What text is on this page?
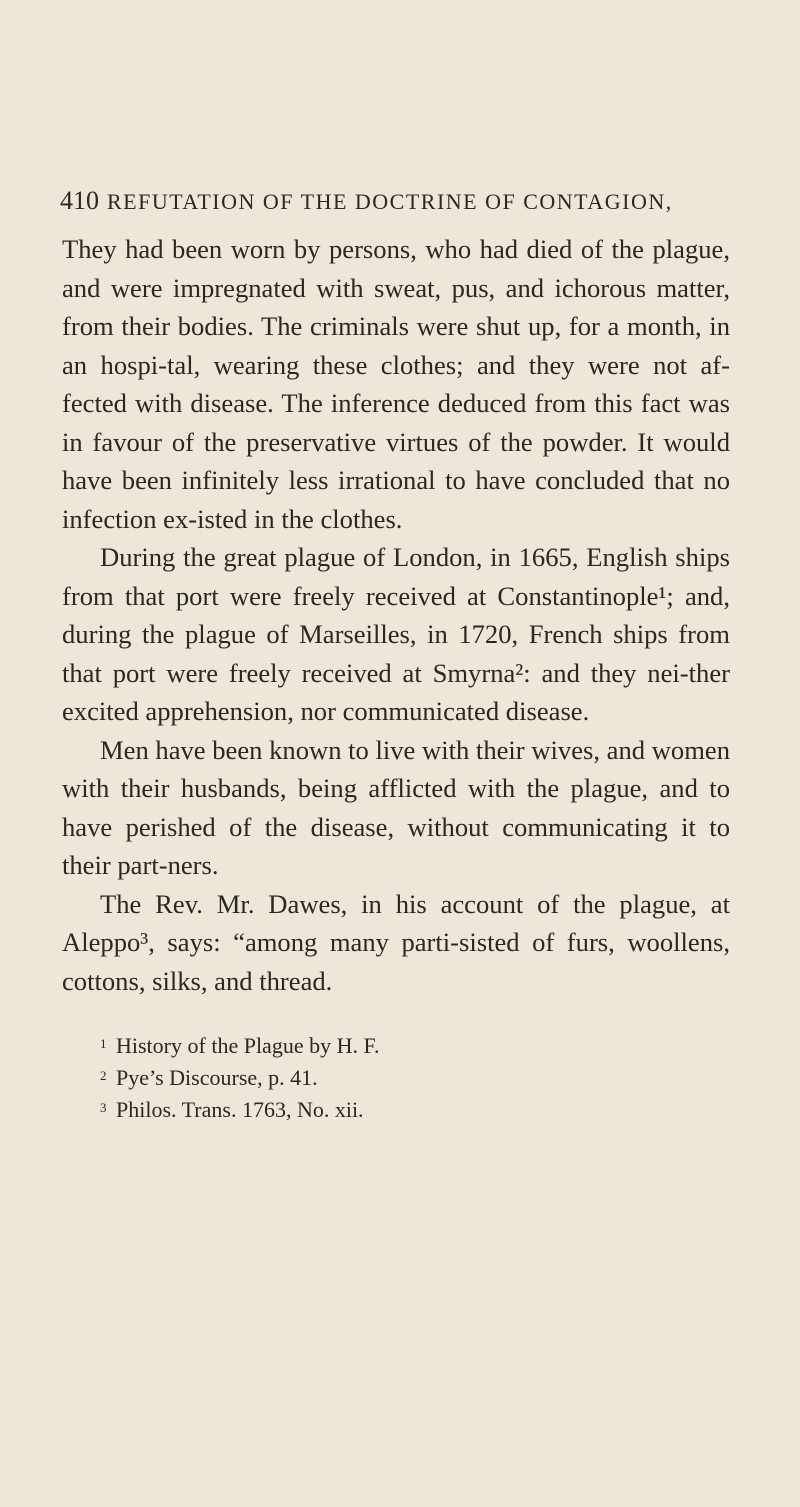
410 REFUTATION OF THE DOCTRINE OF CONTAGION,

They had been worn by persons, who had died of the plague, and were impregnated with sweat, pus, and ichorous matter, from their bodies. The criminals were shut up, for a month, in an hospi-tal, wearing these clothes; and they were not af-fected with disease. The inference deduced from this fact was in favour of the preservative virtues of the powder. It would have been infinitely less irrational to have concluded that no infection ex-isted in the clothes.

During the great plague of London, in 1665, English ships from that port were freely received at Constantinople¹; and, during the plague of Marseilles, in 1720, French ships from that port were freely received at Smyrna²: and they nei-ther excited apprehension, nor communicated disease.

Men have been known to live with their wives, and women with their husbands, being afflicted with the plague, and to have perished of the disease, without communicating it to their part-ners.

The Rev. Mr. Dawes, in his account of the plague, at Aleppo³, says: “among many parti-sisted of furs, woollens, cottons, silks, and thread.

1 History of the Plague by H. F.
2 Pye’s Discourse, p. 41.
3 Philos. Trans. 1763, No. xii.
